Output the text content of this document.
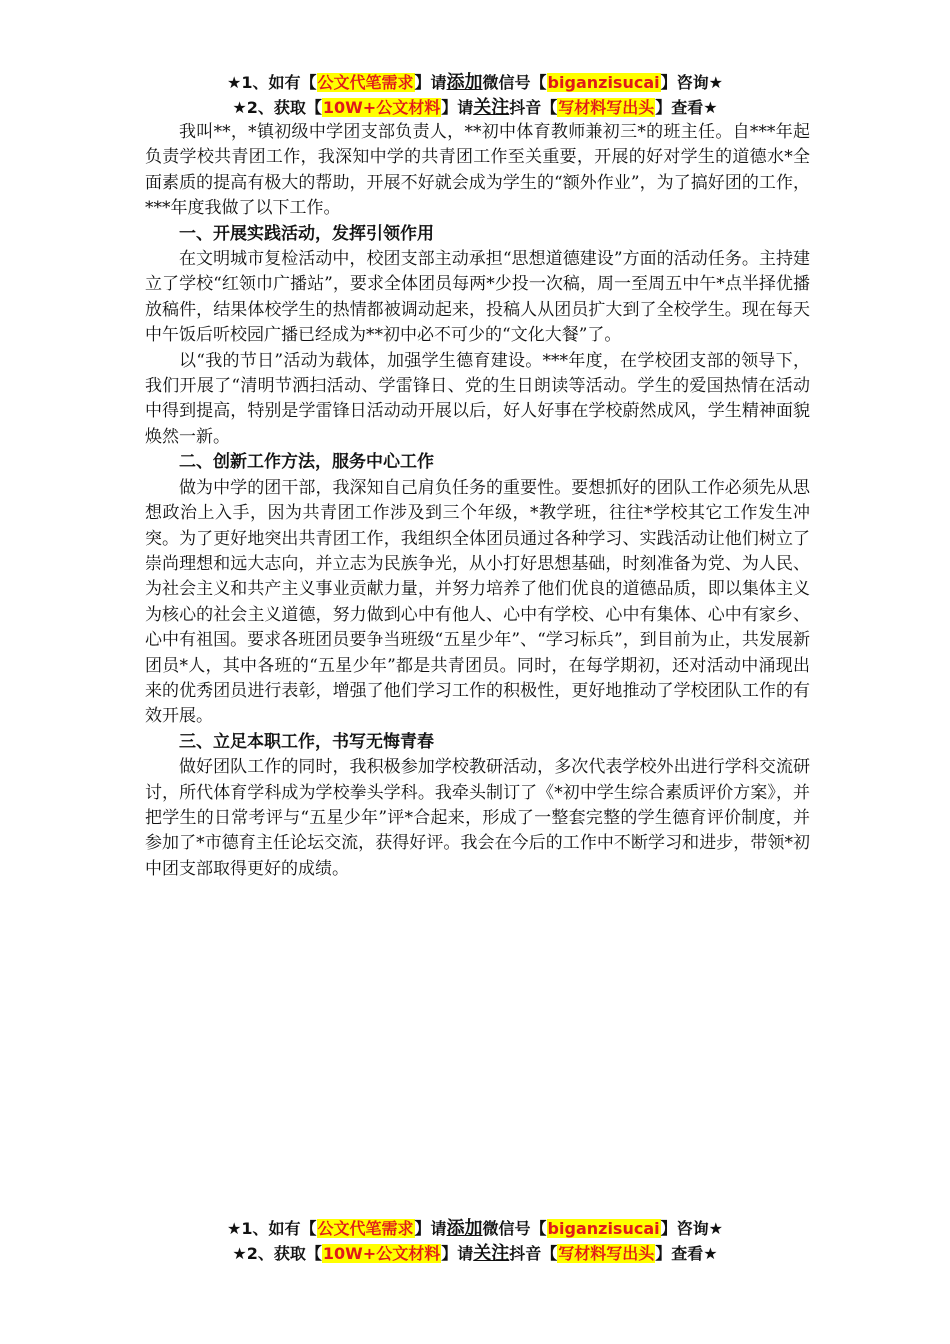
★1、如有【公文代笔需求】请添加微信号【biganzisucai】咨询★
★2、获取【10W+公文材料】请关注抖音【写材料写出头】查看★

我叫**，*镇初级中学团支部负责人，**初中体育教师兼初三*的班主任。自***年起负责学校共青团工作，我深知中学的共青团工作至关重要，开展的好对学生的道德水*全面素质的提高有极大的帮助，开展不好就会成为学生的“额外作业”，为了搞好团的工作，***年度我做了以下工作。

一、开展实践活动，发挥引领作用

在文明城市复检活动中，校团支部主动承担“思想道德建设”方面的活动任务。主持建立了学校“红领巾广播站”，要求全体团员每两*少投一次稿，周一至周五中午*点半择优播放稿件，结果体校学生的热情都被调动起来，投稿人从团员扩大到了全校学生。现在每天中午饭后听校园广播已经成为**初中必不可少的“文化大餐”了。

以“我的节日”活动为载体，加强学生德育建设。***年度，在学校团支部的领导下，我们开展了“清明节洒扫活动、学雷锋日、党的生日朗读等活动。学生的爱国热情在活动中得到提高，特别是学雷锋日活动动开展以后，好人好事在学校蔚然成风，学生精神面貌焕然一新。

二、创新工作方法，服务中心工作

做为中学的团干部，我深知自己肩负任务的重要性。要想抓好的团队工作必须先从思想政治上入手，因为共青团工作涉及到三个年级，*教学班，往往*学校其它工作发生冲突。为了更好地突出共青团工作，我组织全体团员通过各种学习、实践活动让他们树立了崇尚理想和远大志向，并立志为民族争光，从小打好思想基础，时刻准备为党、为人民、为社会主义和共产主义事业贡献力量，并努力培养了他们优良的道德品质，即以集体主义为核心的社会主义道德，努力做到心中有他人、心中有学校、心中有集体、心中有家乡、心中有祖国。要求各班团员要争当班级“五星少年”、“学习标兵”，到目前为止，共发展新团员*人，其中各班的“五星少年”都是共青团员。同时，在每学期初，还对活动中涌现出来的优秀团员进行表彰，增强了他们学习工作的积极性，更好地推动了学校团队工作的有效开展。

三、立足本职工作，书写无悔青春

做好团队工作的同时，我积极参加学校教研活动，多次代表学校外出进行学科交流研讨，所代体育学科成为学校拳头学科。我牵头制订了《*初中学生综合素质评价方案》，并把学生的日常考评与“五星少年”评*合起来，形成了一整套完整的学生德育评价制度，并参加了*市德育主任论坛交流，获得好评。我会在今后的工作中不断学习和进步，带领*初中团支部取得更好的成绩。

★1、如有【公文代笔需求】请添加微信号【biganzisucai】咨询★
★2、获取【10W+公文材料】请关注抖音【写材料写出头】查看★
